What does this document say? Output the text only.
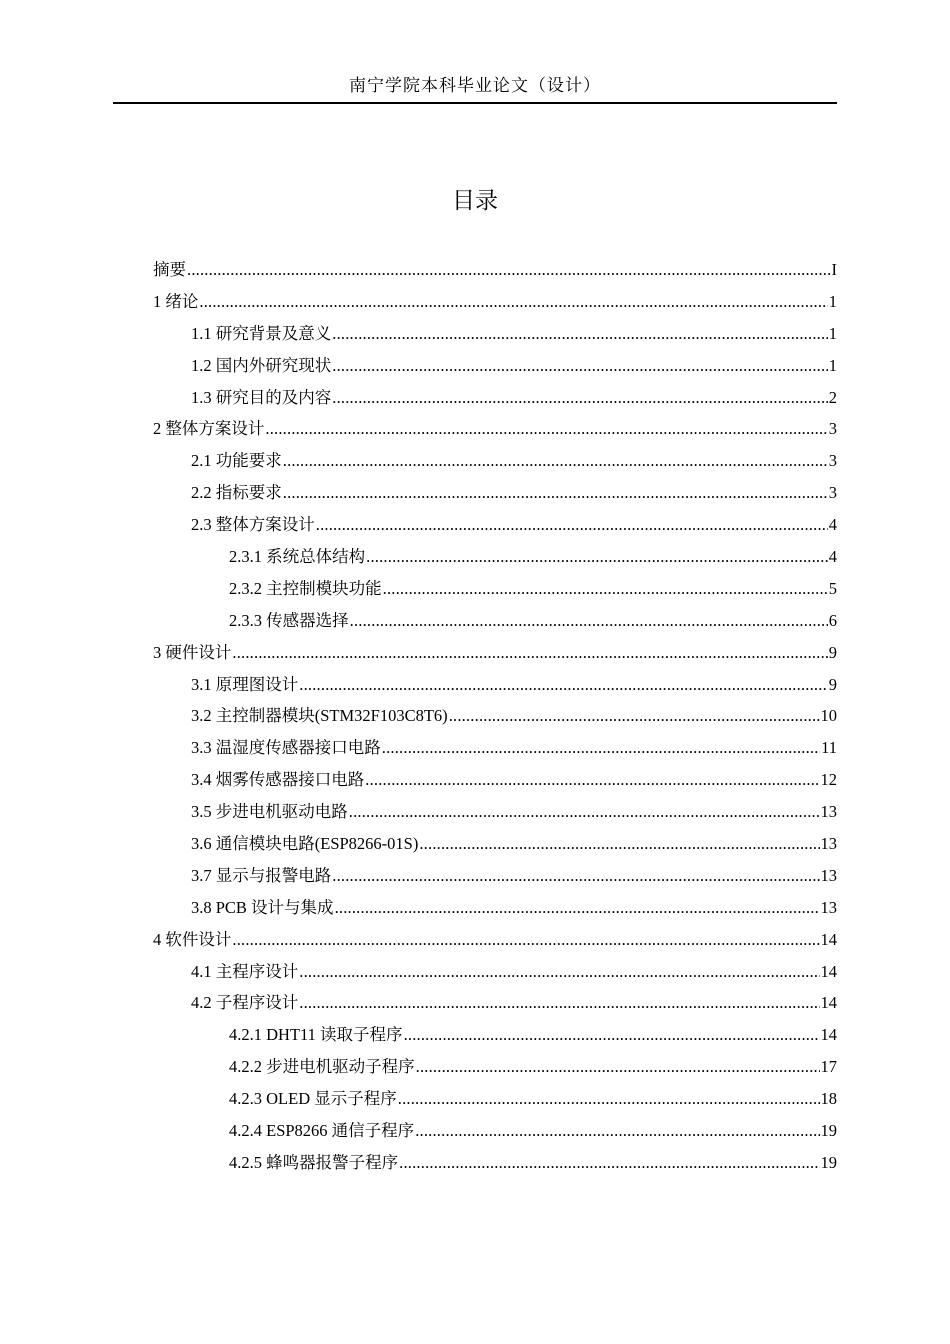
南宁学院本科毕业论文（设计）
目录
摘要 .....	I
1 绪论 .....	1
1.1 研究背景及意义 .....	1
1.2 国内外研究现状 .....	1
1.3 研究目的及内容 .....	2
2 整体方案设计 .....	3
2.1 功能要求 .....	3
2.2 指标要求 .....	3
2.3 整体方案设计 .....	4
2.3.1 系统总体结构 .....	4
2.3.2 主控制模块功能 .....	5
2.3.3 传感器选择 .....	6
3 硬件设计 .....	9
3.1 原理图设计 .....	9
3.2 主控制器模块(STM32F103C8T6) .....	10
3.3 温湿度传感器接口电路 .....	11
3.4 烟雾传感器接口电路 .....	12
3.5 步进电机驱动电路 .....	13
3.6 通信模块电路(ESP8266-01S) .....	13
3.7 显示与报警电路 .....	13
3.8 PCB 设计与集成 .....	13
4 软件设计 .....	14
4.1 主程序设计 .....	14
4.2 子程序设计 .....	14
4.2.1 DHT11 读取子程序 .....	14
4.2.2 步进电机驱动子程序 .....	17
4.2.3 OLED 显示子程序 .....	18
4.2.4 ESP8266 通信子程序 .....	19
4.2.5 蜂鸣器报警子程序 .....	19
